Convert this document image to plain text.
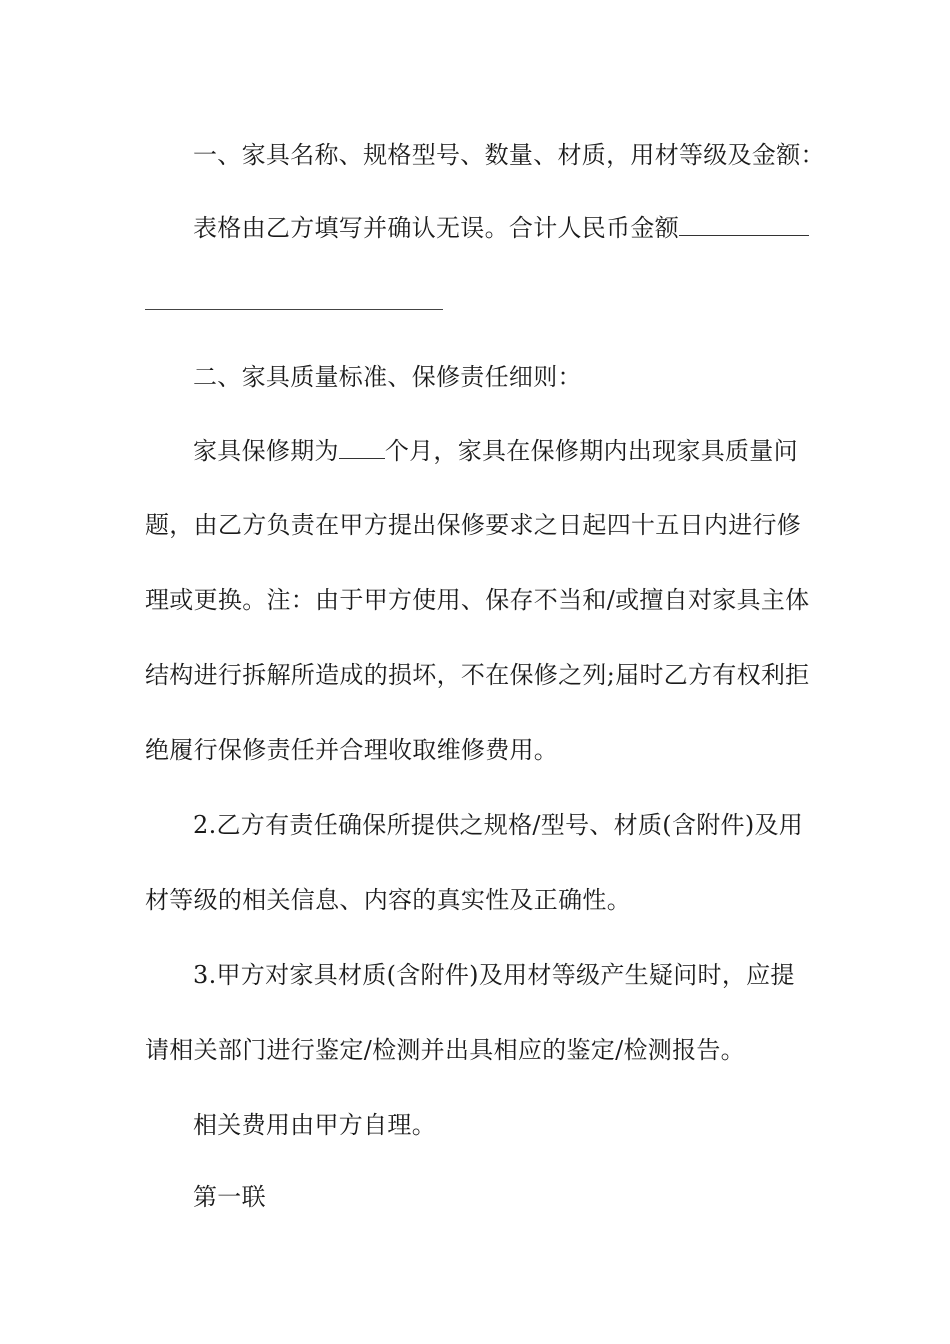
一、家具名称、规格型号、数量、材质，用材等级及金额：
表格由乙方填写并确认无误。合计人民币金额
二、家具质量标准、保修责任细则：
家具保修期为 个月，家具在保修期内出现家具质量问
题，由乙方负责在甲方提出保修要求之日起四十五日内进行修
理或更换。注：由于甲方使用、保存不当和/或擅自对家具主体
结构进行拆解所造成的损坏，不在保修之列;届时乙方有权利拒
绝履行保修责任并合理收取维修费用。
2.乙方有责任确保所提供之规格/型号、材质(含附件)及用
材等级的相关信息、内容的真实性及正确性。
3.甲方对家具材质(含附件)及用材等级产生疑问时，应提
请相关部门进行鉴定/检测并出具相应的鉴定/检测报告。
相关费用由甲方自理。
第一联
